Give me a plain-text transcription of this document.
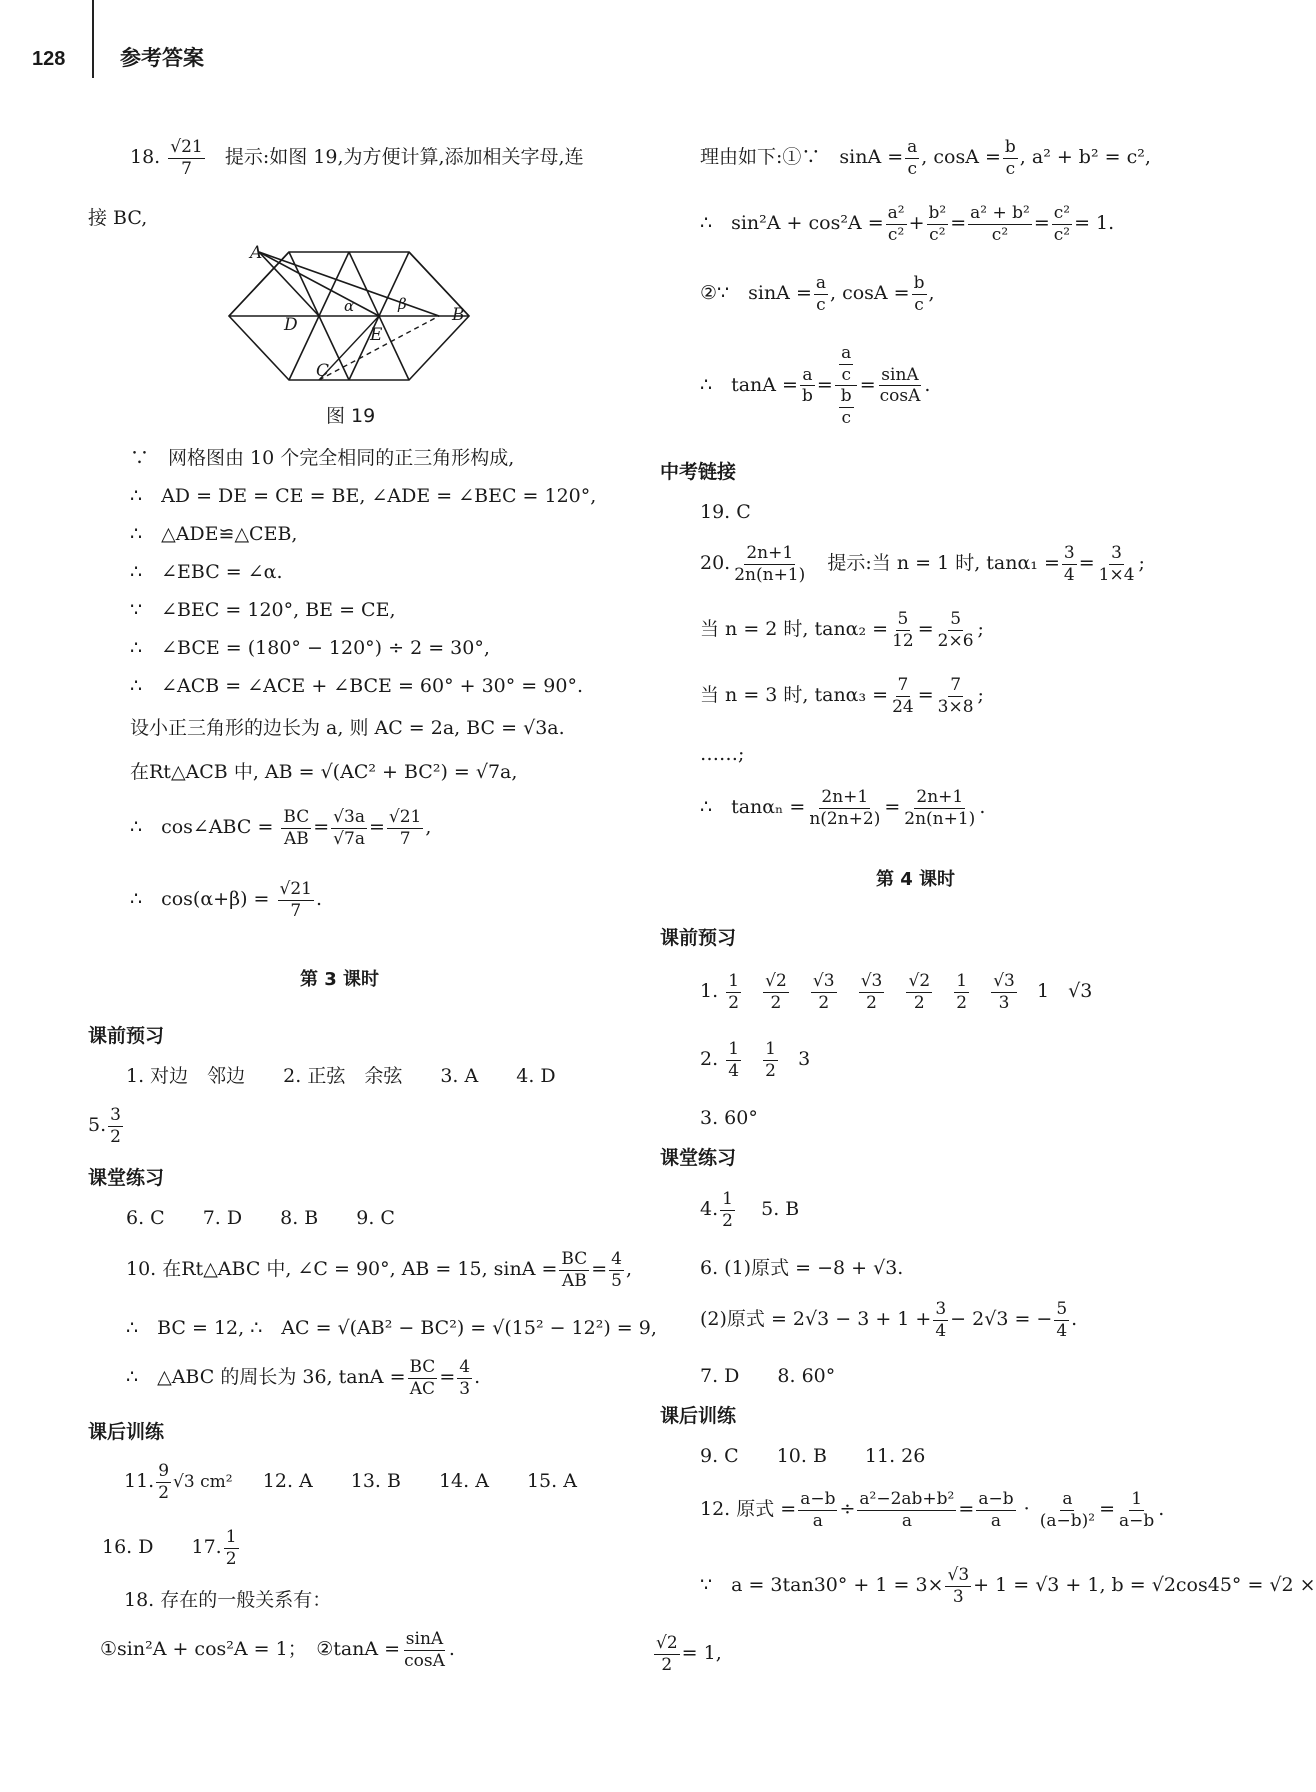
128	参考答案
18. $\frac{√21}{7}$ 提示:如图 19,为方便计算,添加相关字母,连
接 BC,
A
B
C
D	E
α	β
图 19
∵　网格图由 10 个完全相同的正三角形构成,
∴　AD = DE = CE = BE, ∠ADE = ∠BEC = 120°,
∴　△ADE≌△CEB,
∴　∠EBC = ∠α.
∵　∠BEC = 120°, BE = CE,
∴　∠BCE = (180° − 120°) ÷ 2 = 30°,
∴　∠ACB = ∠ACE + ∠BCE = 60° + 30° = 90°.
设小正三角形的边长为 a, 则 AC = 2a, BC = √3a.
在Rt△ACB 中, AB = √(AC² + BC²) = √7a,
∴　cos∠ABC = $\frac{BC}{AB} = \frac{√3a}{√7a} = \frac{√21}{7}$ ,
∴　$\cos(\alpha+\beta) = \frac{√21}{7}$ .
第 3 课时
课前预习
1. 对边　邻边　　2. 正弦　余弦　　3. A　　4. D
5. $\frac{3}{2}$
课堂练习
6. C　　7. D　　8. B　　9. C
10. 在Rt△ABC 中, ∠C = 90°, AB = 15, $\sin A = \frac{BC}{AB} = \frac{4}{5}$ ,
∴　BC = 12, ∴　AC = √(AB² − BC²) = √(15² − 12²) = 9,
∴　△ABC 的周长为 36, $\tan A = \frac{BC}{AC} = \frac{4}{3}$ .
课后训练
11. $\frac{9}{2} √3$ cm² 12. A　　13. B　　14. A　　15. A
16. D　　17. $\frac{1}{2}$
18. 存在的一般关系有：
①sin²A + cos²A = 1；　②tanA = $\frac{\sin A}{\cos A}$ .
理由如下:①∵　$\sin A = \frac{a}{c}$ , $\cos A = \frac{b}{c}$ , a² + b² = c²,
∴　$\sin^2A + \cos^2A = \frac{\text{a²}}{\text{c²}} + \frac{\text{b²}}{\text{c²}} = \frac{\text{a² + b²}}{\text{c²}} = \frac{\text{c²}}{\text{c²}} = 1$.
②∵　$\sin A = \frac{a}{c}$ , $\cos A = \frac{b}{c}$ ,
∴　$\tan A = \frac{a}{b} = \frac{\frac{a}{c}}{\frac{b}{c}} = \frac{\sin A}{\cos A}$ .
中考链接
19. C
20. $\frac{2n+1}{2n(n+1)}$ 提示:当 n = 1 时, $\tan\alpha_1 = \frac{3}{4} = \frac{3}{1\times 4}$ ;
当 n = 2 时, $\tan\alpha_2 = \frac{5}{12} = \frac{5}{2\times 6}$ ;
当 n = 3 时, $\tan\alpha_3 = \frac{7}{24} = \frac{7}{3\times 8}$ ;
……;
∴　$\tan\alpha_n = \frac{2n+1}{n(2n+2)} = \frac{2n+1}{2n(n+1)}$ .
第 4 课时
课前预习
1. $\frac{1}{2}$
$\frac{√2}{2}$
$\frac{√3}{2}$
$\frac{√3}{2}$
$\frac{√2}{2}$
$\frac{1}{2}$
$\frac{√3}{3} 1$　√3
2. $\frac{1}{4}$
$\frac{1}{2} 3$
3. 60°
课堂练习
4. $\frac{1}{2} 5$. B
6. (1)原式 = −8 + √3.
(2)原式 = $2√3 - 3 + 1 + \frac{3}{4} - 2√3$ = − $\frac{5}{4}$ .
7. D　　8. 60°
课后训练
9. C　　10. B　　11. 26
12. 原式 = $\frac{a-b}{a} \div \frac{\text{a²−2ab+b²}}{a} = \frac{a-b}{a} \cdot \frac{a}{\text{(a−b)²}} = \frac{1}{a-b}$ .
∵　$a = 3\tan 30^\circ + 1 = 3\times \frac{√3}{3} + 1 = √3 + 1$, b = √2cos45° = √2 ×
$\frac{√2}{2} = 1$,
